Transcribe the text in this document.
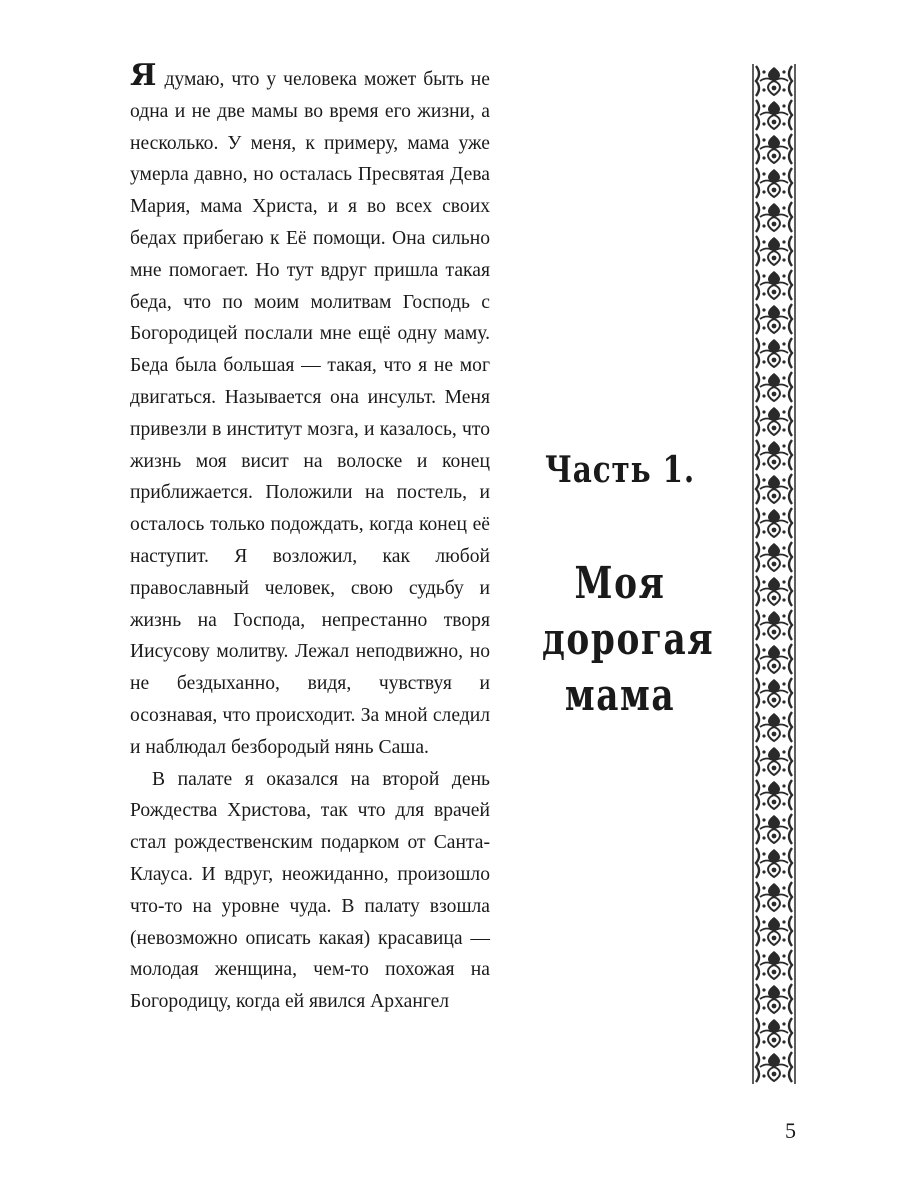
Я думаю, что у человека может быть не одна и не две мамы во время его жизни, а несколько. У меня, к примеру, мама уже умерла давно, но осталась Пресвятая Дева Мария, мама Христа, и я во всех своих бедах прибегаю к Её помощи. Она сильно мне помогает. Но тут вдруг пришла такая беда, что по моим молитвам Господь с Богородицей послали мне ещё одну маму. Беда была большая — такая, что я не мог двигаться. Называется она инсульт. Меня привезли в институт мозга, и казалось, что жизнь моя висит на волоске и конец приближается. Положили на постель, и осталось только подождать, когда конец её наступит. Я возложил, как любой православный человек, свою судьбу и жизнь на Господа, непрестанно творя Иисусову молитву. Лежал неподвижно, но не бездыханно, видя, чувствуя и осознавая, что происходит. За мной следил и наблюдал безбородый нянь Саша.

В палате я оказался на второй день Рождества Христова, так что для врачей стал рождественским подарком от Санта-Клауса. И вдруг, неожиданно, произошло что-то на уровне чуда. В палату взошла (невозможно описать какая) красавица — молодая женщина, чем-то похожая на Богородицу, когда ей явился Архангел

Часть 1.
Моя
дорогая
мама
5
